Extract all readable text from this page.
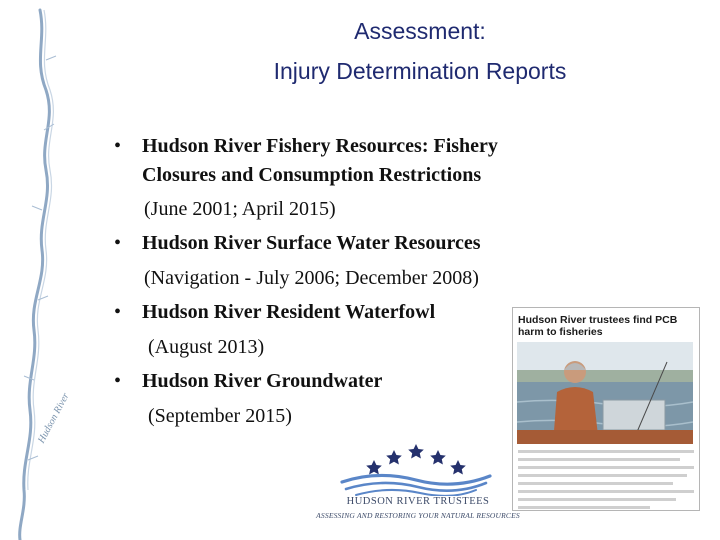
Hudson River
Assessment:
Injury Determination Reports
• Hudson River Fishery Resources: Fishery
Closures and Consumption Restrictions
(June 2001; April 2015)
• Hudson River Surface Water Resources
(Navigation - July 2006; December 2008)
• Hudson River Resident Waterfowl
(August 2013)
• Hudson River Groundwater
(September 2015)
Hudson River trustees find PCB harm to fisheries
HUDSON RIVER TRUSTEES
ASSESSING AND RESTORING YOUR NATURAL RESOURCES
